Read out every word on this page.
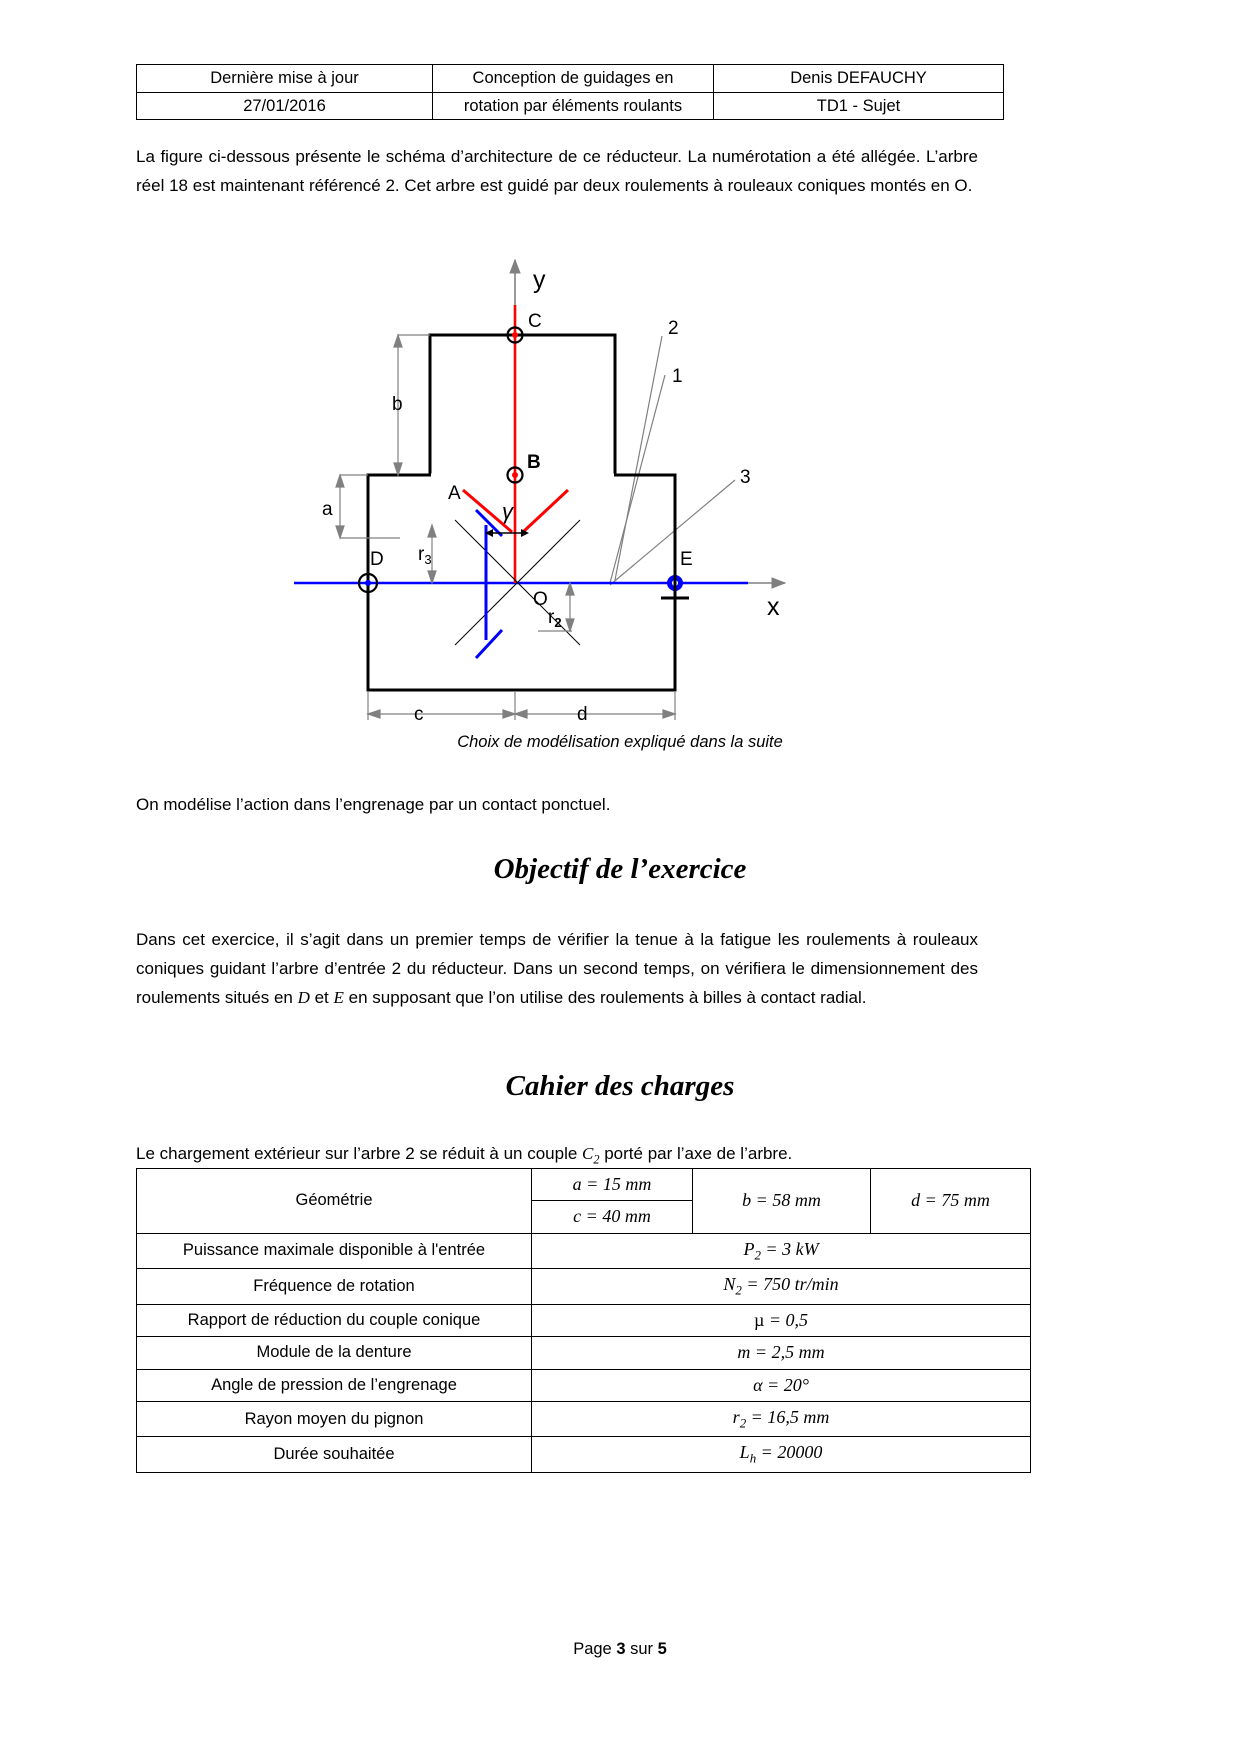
Dernière mise à jour	Conception de guidages en	Denis DEFAUCHY
27/01/2016	rotation par éléments roulants	TD1 - Sujet
La figure ci-dessous présente le schéma d’architecture de ce réducteur. La numérotation a été allégée. L’arbre réel 18 est maintenant référencé 2. Cet arbre est guidé par deux roulements à rouleaux coniques montés en O.
y
x
C
B
A
D	E
O
2
1
3
b
a
c	d
γ
$r_3$
$r_2$
Choix de modélisation expliqué dans la suite
On modélise l’action dans l’engrenage par un contact ponctuel.
Objectif de l’exercice
Dans cet exercice, il s’agit dans un premier temps de vérifier la tenue à la fatigue les roulements à rouleaux coniques guidant l’arbre d’entrée 2 du réducteur. Dans un second temps, on vérifiera le dimensionnement des roulements situés en D et E en supposant que l’on utilise des roulements à billes à contact radial.
Cahier des charges
Le chargement extérieur sur l’arbre 2 se réduit à un couple $C_2$ porté par l’axe de l’arbre.
Géométrie	a = 15 mm	b = 58 mm	d = 75 mm
	c = 40 mm		
Puissance maximale disponible à l'entrée	$P_2 = 3$ kW		
Fréquence de rotation	$N_2 = 750$ tr/min		
Rapport de réduction du couple conique	µ = 0,5		
Module de la denture	m = 2,5 mm		
Angle de pression de l’engrenage	α = 20°		
Rayon moyen du pignon	$r_2 = 16,5$ mm		
Durée souhaitée	$L_h = 20000$		
Page 3 sur 5
